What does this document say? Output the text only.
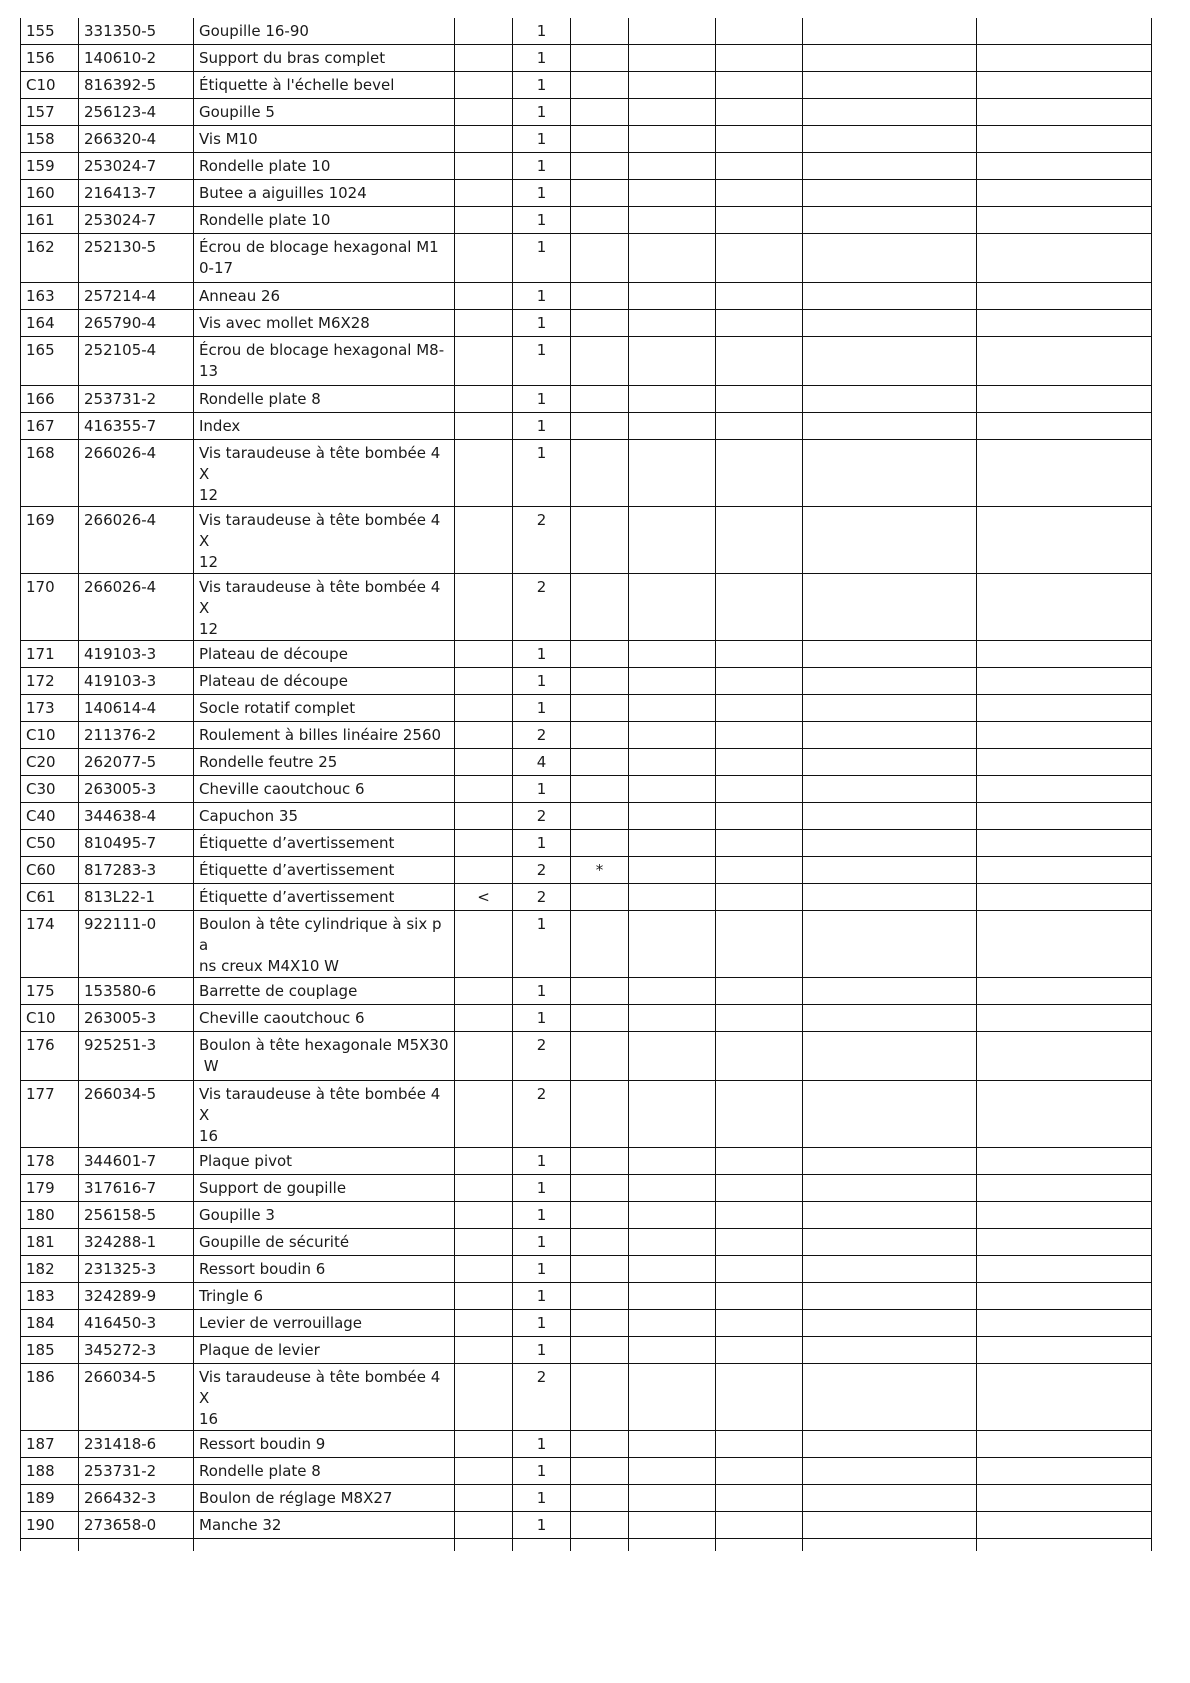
155	331350-5	Goupille 16-90		1					

156	140610-2	Support du bras complet		1					

C10	816392-5	Étiquette à l'échelle bevel		1					

157	256123-4	Goupille 5		1					

158	266320-4	Vis M10		1					

159	253024-7	Rondelle plate 10		1					

160	216413-7	Butee a aiguilles 1024		1					

161	253024-7	Rondelle plate 10		1					

162	252130-5	Écrou de blocage hexagonal M1
0-17		1					

163	257214-4	Anneau 26		1					

164	265790-4	Vis avec mollet M6X28		1					

165	252105-4	Écrou de blocage hexagonal M8-
13		1					

166	253731-2	Rondelle plate 8		1					

167	416355-7	Index		1					

168	266026-4	Vis taraudeuse à tête bombée 4X
12		1					

169	266026-4	Vis taraudeuse à tête bombée 4X
12		2					

170	266026-4	Vis taraudeuse à tête bombée 4X
12		2					

171	419103-3	Plateau de découpe		1					

172	419103-3	Plateau de découpe		1					

173	140614-4	Socle rotatif complet		1					

C10	211376-2	Roulement à billes linéaire 2560		2					

C20	262077-5	Rondelle feutre 25		4					

C30	263005-3	Cheville caoutchouc 6		1					

C40	344638-4	Capuchon 35		2					

C50	810495-7	Étiquette d’avertissement		1					

C60	817283-3	Étiquette d’avertissement		2	*				

C61	813L22-1	Étiquette d’avertissement	<	2					

174	922111-0	Boulon à tête cylindrique à six pa
ns creux M4X10 W		1					

175	153580-6	Barrette de couplage		1					

C10	263005-3	Cheville caoutchouc 6		1					

176	925251-3	Boulon à tête hexagonale M5X30
W		2					

177	266034-5	Vis taraudeuse à tête bombée 4X
16		2					

178	344601-7	Plaque pivot		1					

179	317616-7	Support de goupille		1					

180	256158-5	Goupille 3		1					

181	324288-1	Goupille de sécurité		1					

182	231325-3	Ressort boudin 6		1					

183	324289-9	Tringle 6		1					

184	416450-3	Levier de verrouillage		1					

185	345272-3	Plaque de levier		1					

186	266034-5	Vis taraudeuse à tête bombée 4X
16		2					

187	231418-6	Ressort boudin 9		1					

188	253731-2	Rondelle plate 8		1					

189	266432-3	Boulon de réglage M8X27		1					

190	273658-0	Manche 32		1					
